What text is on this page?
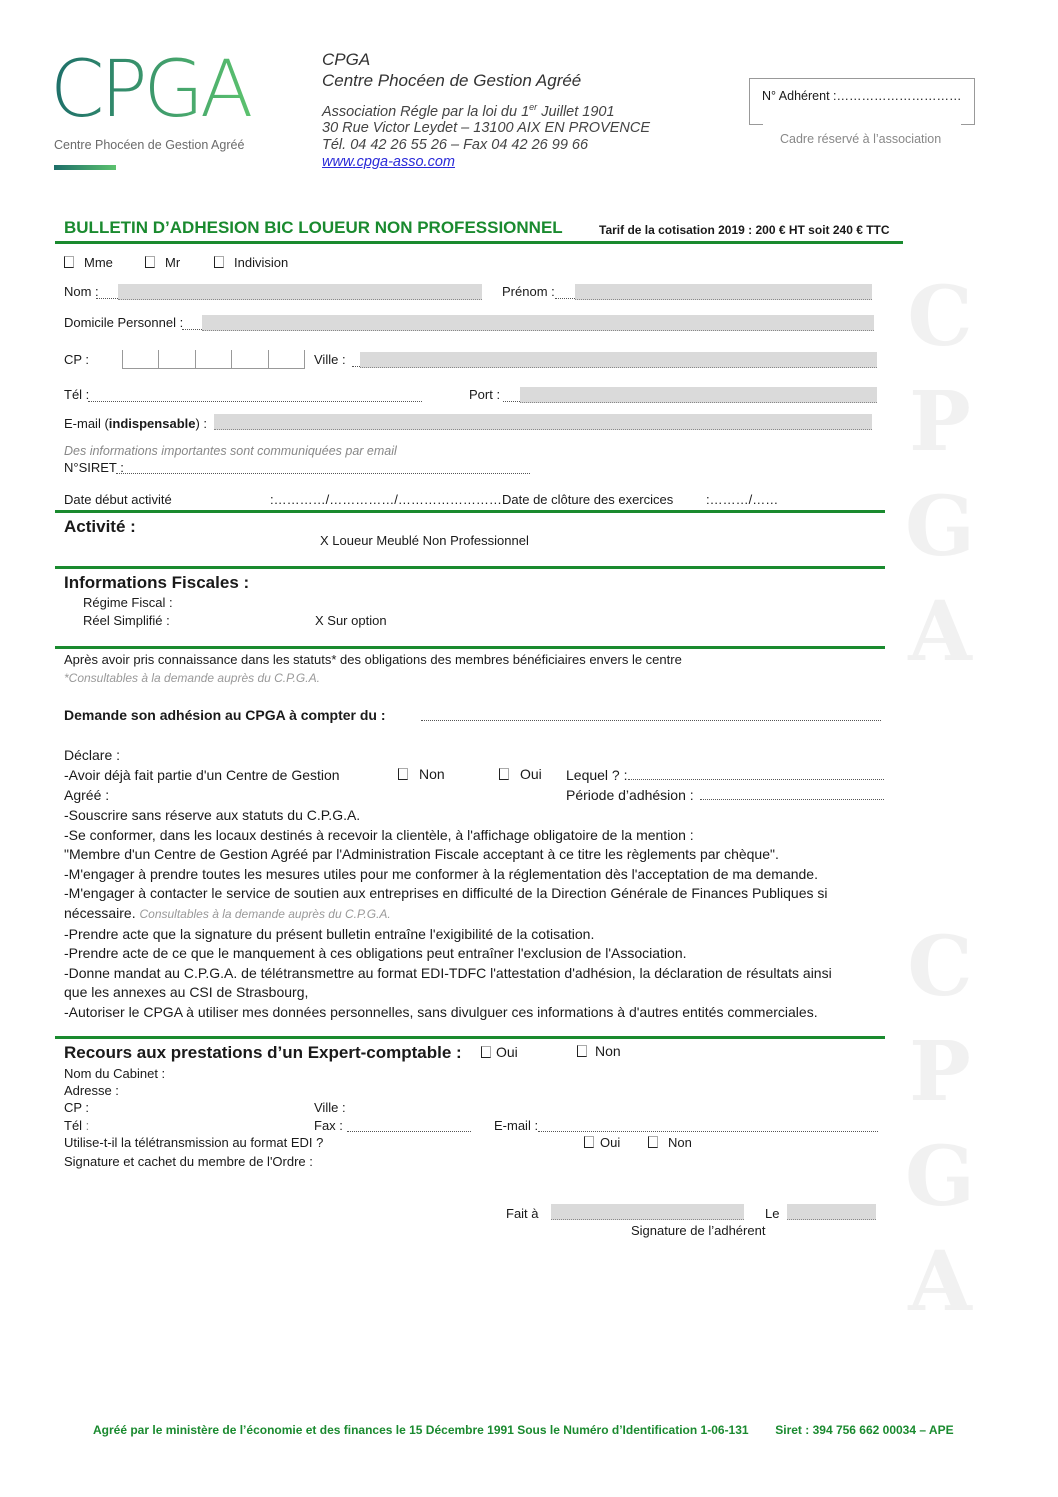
C
P
G
A
C
P
G
A
CPGA
Centre Phocéen de Gestion Agréé
CPGA
Centre Phocéen de Gestion Agréé
Association Régle par la loi du 1er Juillet 1901
30 Rue Victor Leydet – 13100 AIX EN PROVENCE
Tél. 04 42 26 55 26 – Fax 04 42 26 99 66
www.cpga-asso.com
N° Adhérent :…………………………
Cadre réservé à l’association
BULLETIN D’ADHESION BIC LOUEUR NON PROFESSIONNEL	Tarif de la cotisation 2019 : 200 € HT soit 240 € TTC
Mme	Mr	Indivision
Nom :	Prénom :
Domicile Personnel :
CP :	Ville :
Tél :	Port :
E-mail (indispensable) :
Des informations importantes sont communiquées par email
N°SIRET :
Date début activité	:…………/……………/…………………… Date de clôture des exercices	:………/……
Activité :
X Loueur Meublé Non Professionnel
Informations Fiscales :
Régime Fiscal :
Réel Simplifié :	X Sur option
Après avoir pris connaissance dans les statuts* des obligations des membres bénéficiaires envers le centre
*Consultables à la demande auprès du C.P.G.A.
Demande son adhésion au CPGA à compter du :
Déclare :
-Avoir déjà fait partie d'un Centre de Gestion	Non	Oui Lequel ? :
Agréé :	Période d’adhésion :
-Souscrire sans réserve aux statuts du C.P.G.A.
-Se conformer, dans les locaux destinés à recevoir la clientèle, à l'affichage obligatoire de la mention :
"Membre d'un Centre de Gestion Agréé par l'Administration Fiscale acceptant à ce titre les règlements par chèque".
-M'engager à prendre toutes les mesures utiles pour me conformer à la réglementation dès l'acceptation de ma demande.
-M'engager à contacter le service de soutien aux entreprises en difficulté de la Direction Générale de Finances Publiques si
nécessaire. Consultables à la demande auprès du C.P.G.A.
-Prendre acte que la signature du présent bulletin entraîne l'exigibilité de la cotisation.
-Prendre acte de ce que le manquement à ces obligations peut entraîner l'exclusion de l'Association.
-Donne mandat au C.P.G.A. de télétransmettre au format EDI-TDFC l'attestation d'adhésion, la déclaration de résultats ainsi
que les annexes au CSI de Strasbourg,
-Autoriser le CPGA à utiliser mes données personnelles, sans divulguer ces informations à d'autres entités commerciales.
Recours aux prestations d’un Expert-comptable :	Oui	Non
Nom du Cabinet :
Adresse :
CP :	Ville :
Tél :	Fax :	E-mail :
Utilise-t-il la télétransmission au format EDI ?	Oui	Non
Signature et cachet du membre de l'Ordre :
Fait à	Le
Signature de l’adhérent
Agréé par le ministère de l’économie et des finances le 15 Décembre 1991 Sous le Numéro d’Identification 1-06-131        Siret : 394 756 662 00034 – APE
